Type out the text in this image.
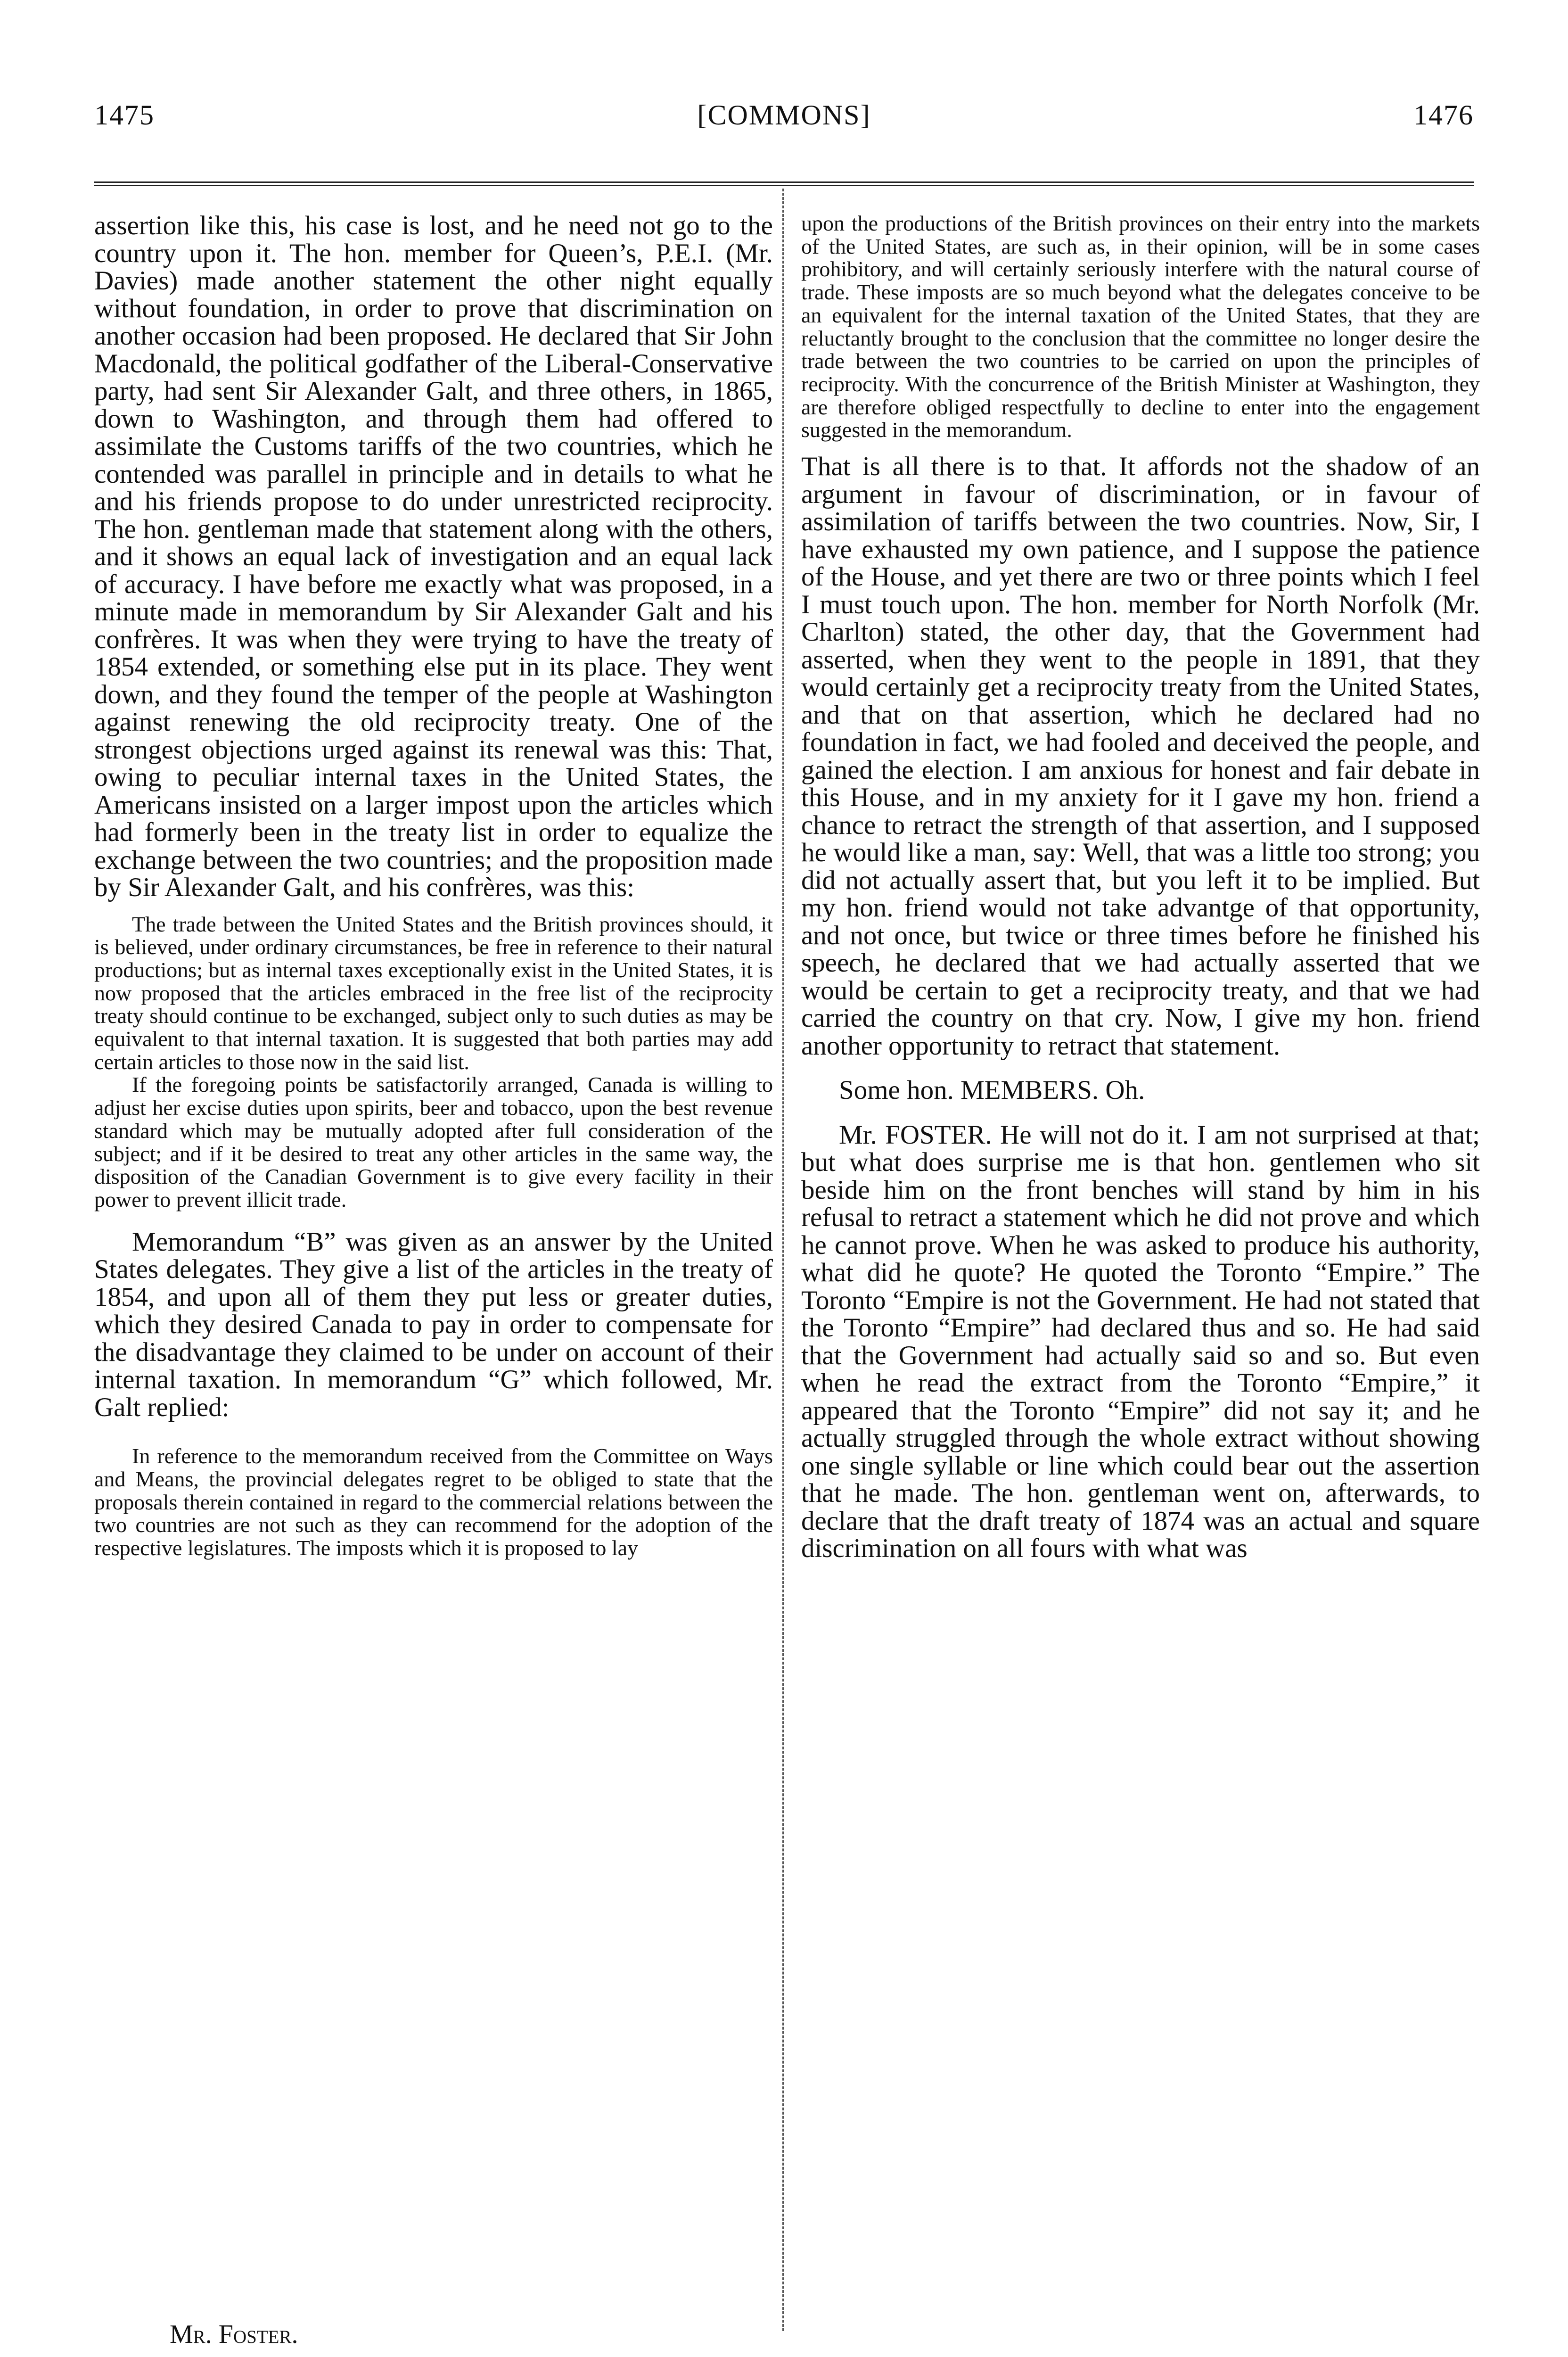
1475	[COMMONS]	1476

assertion like this, his case is lost, and he need not go to the country upon it. The hon. member for Queen’s, P.E.I. (Mr. Davies) made another statement the other night equally without foundation, in order to prove that discrimination on another occasion had been proposed. He declared that Sir John Macdonald, the political godfather of the Liberal-Conservative party, had sent Sir Alexander Galt, and three others, in 1865, down to Washington, and through them had offered to assimilate the Customs tariffs of the two countries, which he contended was parallel in principle and in details to what he and his friends propose to do under unrestricted reciprocity. The hon. gentleman made that statement along with the others, and it shows an equal lack of investigation and an equal lack of accuracy. I have before me exactly what was proposed, in a minute made in memorandum by Sir Alexander Galt and his confrères. It was when they were trying to have the treaty of 1854 extended, or something else put in its place. They went down, and they found the temper of the people at Washington against renewing the old reciprocity treaty. One of the strongest objections urged against its renewal was this: That, owing to peculiar internal taxes in the United States, the Americans insisted on a larger impost upon the articles which had formerly been in the treaty list in order to equalize the exchange between the two countries; and the proposition made by Sir Alexander Galt, and his confrères, was this:

The trade between the United States and the British provinces should, it is believed, under ordinary circumstances, be free in reference to their natural productions; but as internal taxes exceptionally exist in the United States, it is now proposed that the articles embraced in the free list of the reciprocity treaty should continue to be exchanged, subject only to such duties as may be equivalent to that internal taxation. It is suggested that both parties may add certain articles to those now in the said list.

If the foregoing points be satisfactorily arranged, Canada is willing to adjust her excise duties upon spirits, beer and tobacco, upon the best revenue standard which may be mutually adopted after full consideration of the subject; and if it be desired to treat any other articles in the same way, the disposition of the Canadian Government is to give every facility in their power to prevent illicit trade.

Memorandum “B” was given as an answer by the United States delegates. They give a list of the articles in the treaty of 1854, and upon all of them they put less or greater duties, which they desired Canada to pay in order to compensate for the disadvantage they claimed to be under on account of their internal taxation. In memorandum “G” which followed, Mr. Galt replied:

In reference to the memorandum received from the Committee on Ways and Means, the provincial delegates regret to be obliged to state that the proposals therein contained in regard to the commercial relations between the two countries are not such as they can recommend for the adoption of the respective legislatures. The imposts which it is proposed to lay

upon the productions of the British provinces on their entry into the markets of the United States, are such as, in their opinion, will be in some cases prohibitory, and will certainly seriously interfere with the natural course of trade. These imposts are so much beyond what the delegates conceive to be an equivalent for the internal taxation of the United States, that they are reluctantly brought to the conclusion that the committee no longer desire the trade between the two countries to be carried on upon the principles of reciprocity. With the concurrence of the British Minister at Washington, they are therefore obliged respectfully to decline to enter into the engagement suggested in the memorandum.

That is all there is to that. It affords not the shadow of an argument in favour of discrimination, or in favour of assimilation of tariffs between the two countries. Now, Sir, I have exhausted my own patience, and I suppose the patience of the House, and yet there are two or three points which I feel I must touch upon. The hon. member for North Norfolk (Mr. Charlton) stated, the other day, that the Government had asserted, when they went to the people in 1891, that they would certainly get a reciprocity treaty from the United States, and that on that assertion, which he declared had no foundation in fact, we had fooled and deceived the people, and gained the election. I am anxious for honest and fair debate in this House, and in my anxiety for it I gave my hon. friend a chance to retract the strength of that assertion, and I supposed he would like a man, say: Well, that was a little too strong; you did not actually assert that, but you left it to be implied. But my hon. friend would not take advantge of that opportunity, and not once, but twice or three times before he finished his speech, he declared that we had actually asserted that we would be certain to get a reciprocity treaty, and that we had carried the country on that cry. Now, I give my hon. friend another opportunity to retract that statement.

Some hon. MEMBERS. Oh.

Mr. FOSTER. He will not do it. I am not surprised at that; but what does surprise me is that hon. gentlemen who sit beside him on the front benches will stand by him in his refusal to retract a statement which he did not prove and which he cannot prove. When he was asked to produce his authority, what did he quote? He quoted the Toronto “Empire.” The Toronto “Empire is not the Government. He had not stated that the Toronto “Empire” had declared thus and so. He had said that the Government had actually said so and so. But even when he read the extract from the Toronto “Empire,” it appeared that the Toronto “Empire” did not say it; and he actually struggled through the whole extract without showing one single syllable or line which could bear out the assertion that he made. The hon. gentleman went on, afterwards, to declare that the draft treaty of 1874 was an actual and square discrimination on all fours with what was

Mr. Foster.
